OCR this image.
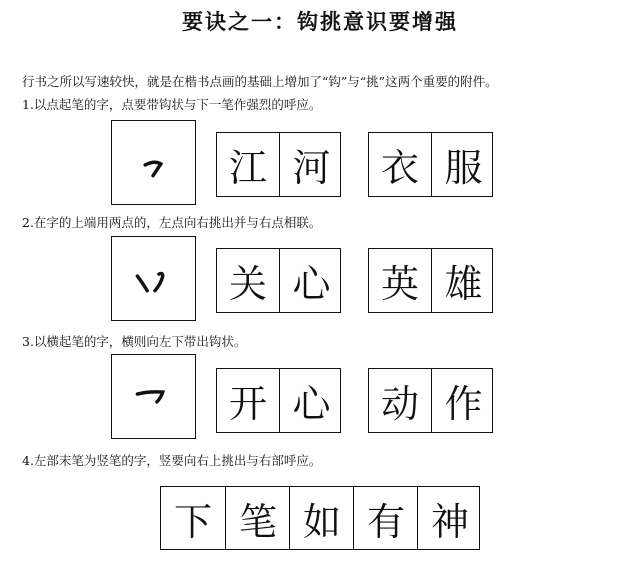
要诀之一：钩挑意识要增强
行书之所以写速较快，就是在楷书点画的基础上增加了“钩”与“挑”这两个重要的附件。
1.以点起笔的字，点要带钩状与下一笔作强烈的呼应。
江 河	衣 服
2.在字的上端用两点的，左点向右挑出并与右点相联。
关 心	英 雄
3.以横起笔的字，横则向左下带出钩状。
开 心	动 作
4.左部末笔为竖笔的字，竖要向右上挑出与右部呼应。
下 笔 如 有 神
